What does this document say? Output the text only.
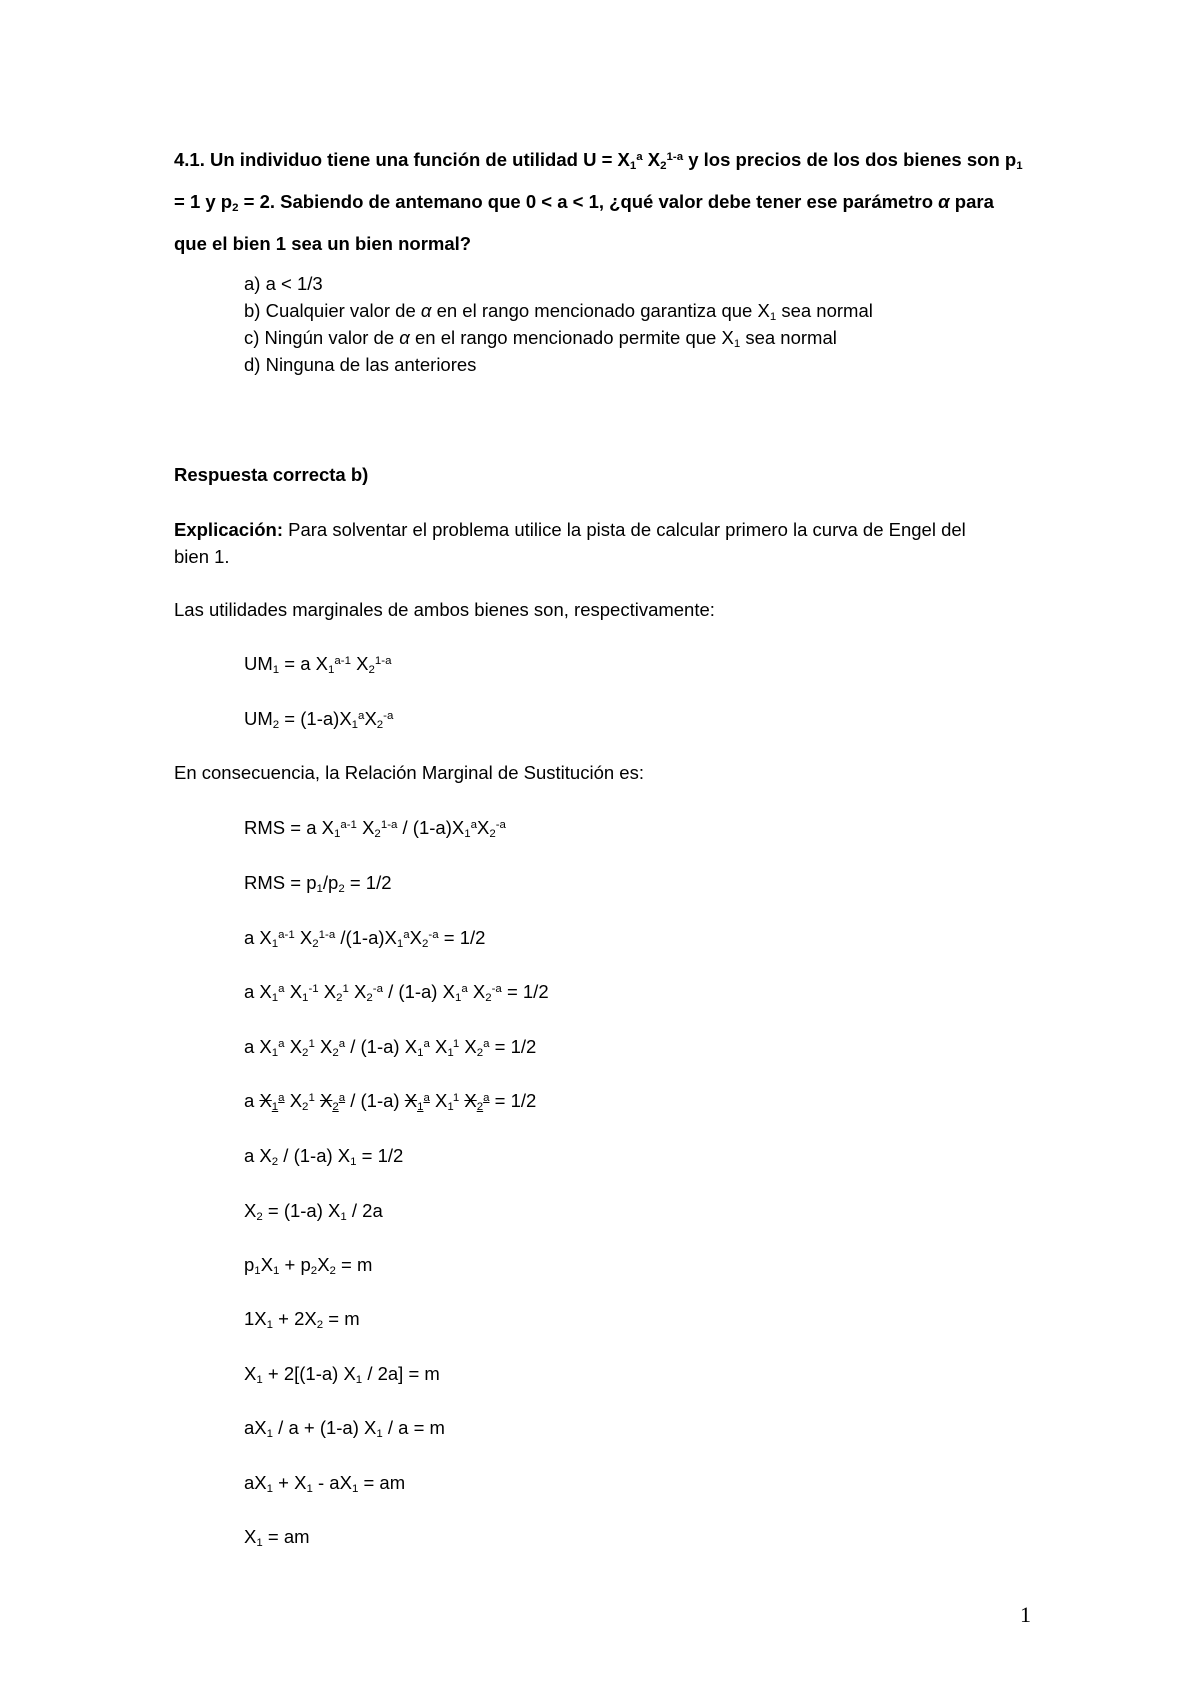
4.1. Un individuo tiene una función de utilidad $U = X_1^a$ $X_2^{1-a}$ y los precios de los dos bienes son $p_1$
= 1 y $p_2 = 2$. Sabiendo de antemano que 0 < a < 1, ¿qué valor debe tener ese parámetro α para
que el bien 1 sea un bien normal?
a) a < 1/3
b) Cualquier valor de α en el rango mencionado garantiza que $X_1$ sea normal
c) Ningún valor de α en el rango mencionado permite que $X_1$ sea normal
d) Ninguna de las anteriores
Respuesta correcta b)
Explicación: Para solventar el problema utilice la pista de calcular primero la curva de Engel del
bien 1.
Las utilidades marginales de ambos bienes son, respectivamente:
$UM_1 = a$ $X_1^{a-1}$ $X_2^{1-a}$
$UM_2 = (1-a)X_1^aX_2^{-a}$
En consecuencia, la Relación Marginal de Sustitución es:
RMS = a $X_1^{a-1}$ $X_2^{1-a} / (1-a)X_1^aX_2^{-a}$
RMS = $p_1/p_2 = 1/2$
a $X_1^{a-1}$ $X_2^{1-a}$ $/(1-a)X_1^aX_2^{-a} = 1/2$
a $X_1^a$ $X_1^{-1}$ $X_2^1$ $X_2^{-a} / (1-a)$ $X_1^a$ $X_2^{-a} = 1/2$
a $X_1^a$ $X_2^1$ $X_2^a / (1-a)$ $X_1^a$ $X_1^1$ $X_2^a = 1/2$
a $X_1^a$ $X_2^1$ $X_2^a / (1-a)$ $X_1^a$ $X_1^1$ $X_2^a = 1/2$
a $X_2 / (1-a) X_1 = 1/2$
$X_2 = (1-a)$ $X_1 / 2a$
$p_1X_1 + p_2X_2 = m$
$1X_1 + 2X_2 = m$
$X_1 + 2[(1-a)$ $X_1 / 2a] = m$
$aX_1 / a + (1-a)$ $X_1 / a = m$
$aX_1 + X_1 - aX_1$ = am
$X_1$ = am
1
